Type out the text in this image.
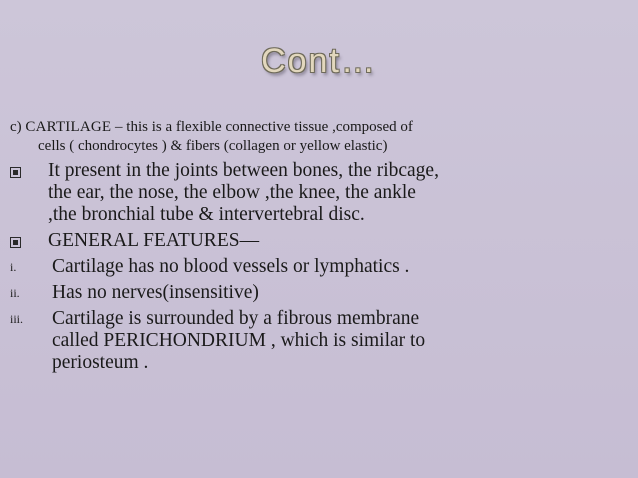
Cont…
c) CARTILAGE – this is a flexible connective tissue ,composed of
cells ( chondrocytes ) & fibers (collagen or yellow elastic)
It present in the joints between bones, the ribcage,
the ear, the nose, the elbow ,the knee, the ankle
,the bronchial tube & intervertebral disc.
GENERAL FEATURES—
i.	Cartilage has no blood vessels or lymphatics .
ii.	Has no nerves(insensitive)
iii.	Cartilage is surrounded by a fibrous membrane
called PERICHONDRIUM , which is similar to
periosteum .
